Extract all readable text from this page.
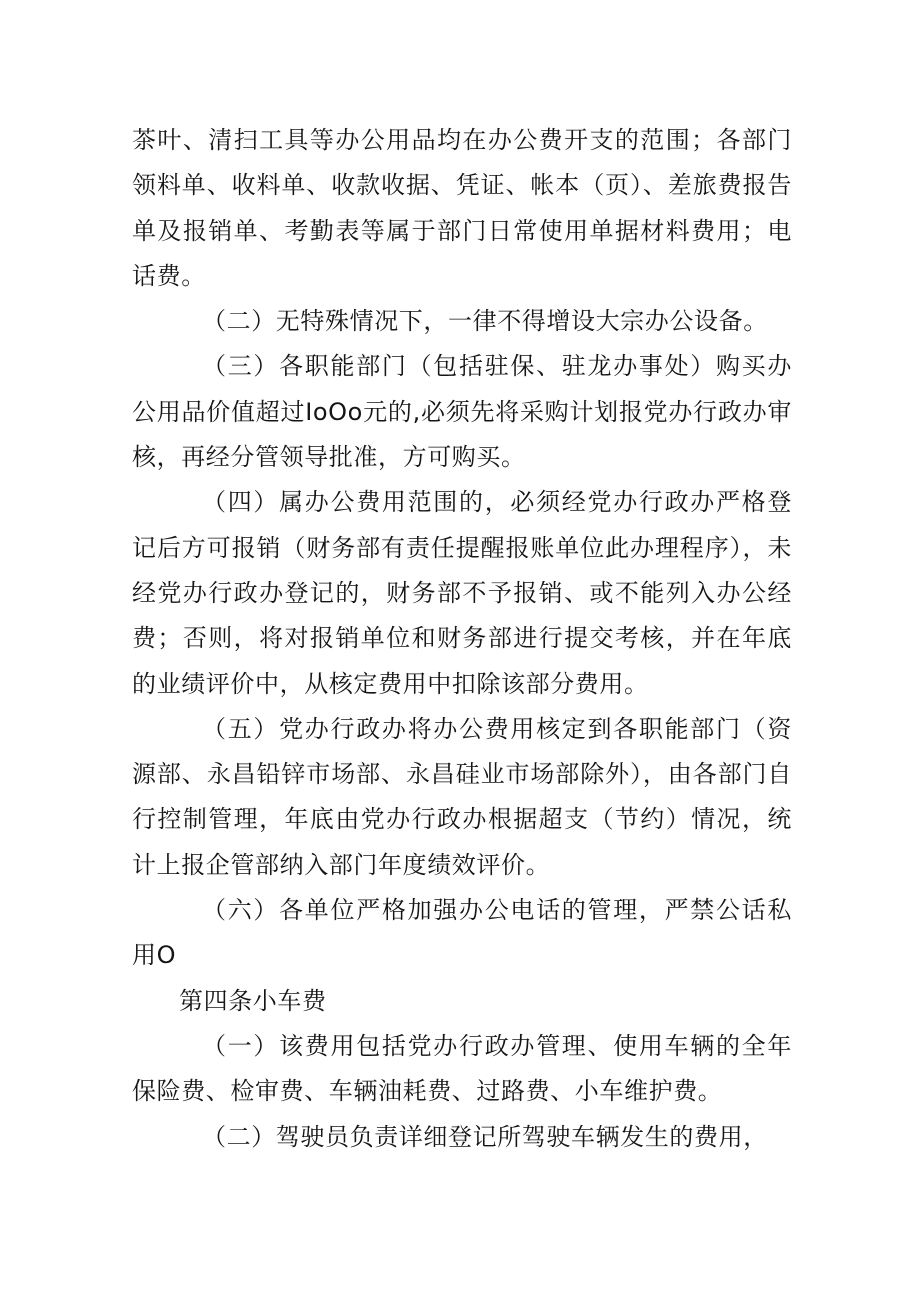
茶叶、清扫工具等办公用品均在办公费开支的范围；各部门领料单、收料单、收款收据、凭证、帐本（页）、差旅费报告单及报销单、考勤表等属于部门日常使用单据材料费用；电话费。

（二）无特殊情况下，一律不得增设大宗办公设备。

（三）各职能部门（包括驻保、驻龙办事处）购买办公用品价值超过IoOo元的,必须先将采购计划报党办行政办审核，再经分管领导批准，方可购买。

（四）属办公费用范围的，必须经党办行政办严格登记后方可报销（财务部有责任提醒报账单位此办理程序），未经党办行政办登记的，财务部不予报销、或不能列入办公经费；否则，将对报销单位和财务部进行提交考核，并在年底的业绩评价中，从核定费用中扣除该部分费用。

（五）党办行政办将办公费用核定到各职能部门（资源部、永昌铅锌市场部、永昌硅业市场部除外），由各部门自行控制管理，年底由党办行政办根据超支（节约）情况，统计上报企管部纳入部门年度绩效评价。

（六）各单位严格加强办公电话的管理，严禁公话私用O

第四条小车费

（一）该费用包括党办行政办管理、使用车辆的全年保险费、检审费、车辆油耗费、过路费、小车维护费。

（二）驾驶员负责详细登记所驾驶车辆发生的费用，
